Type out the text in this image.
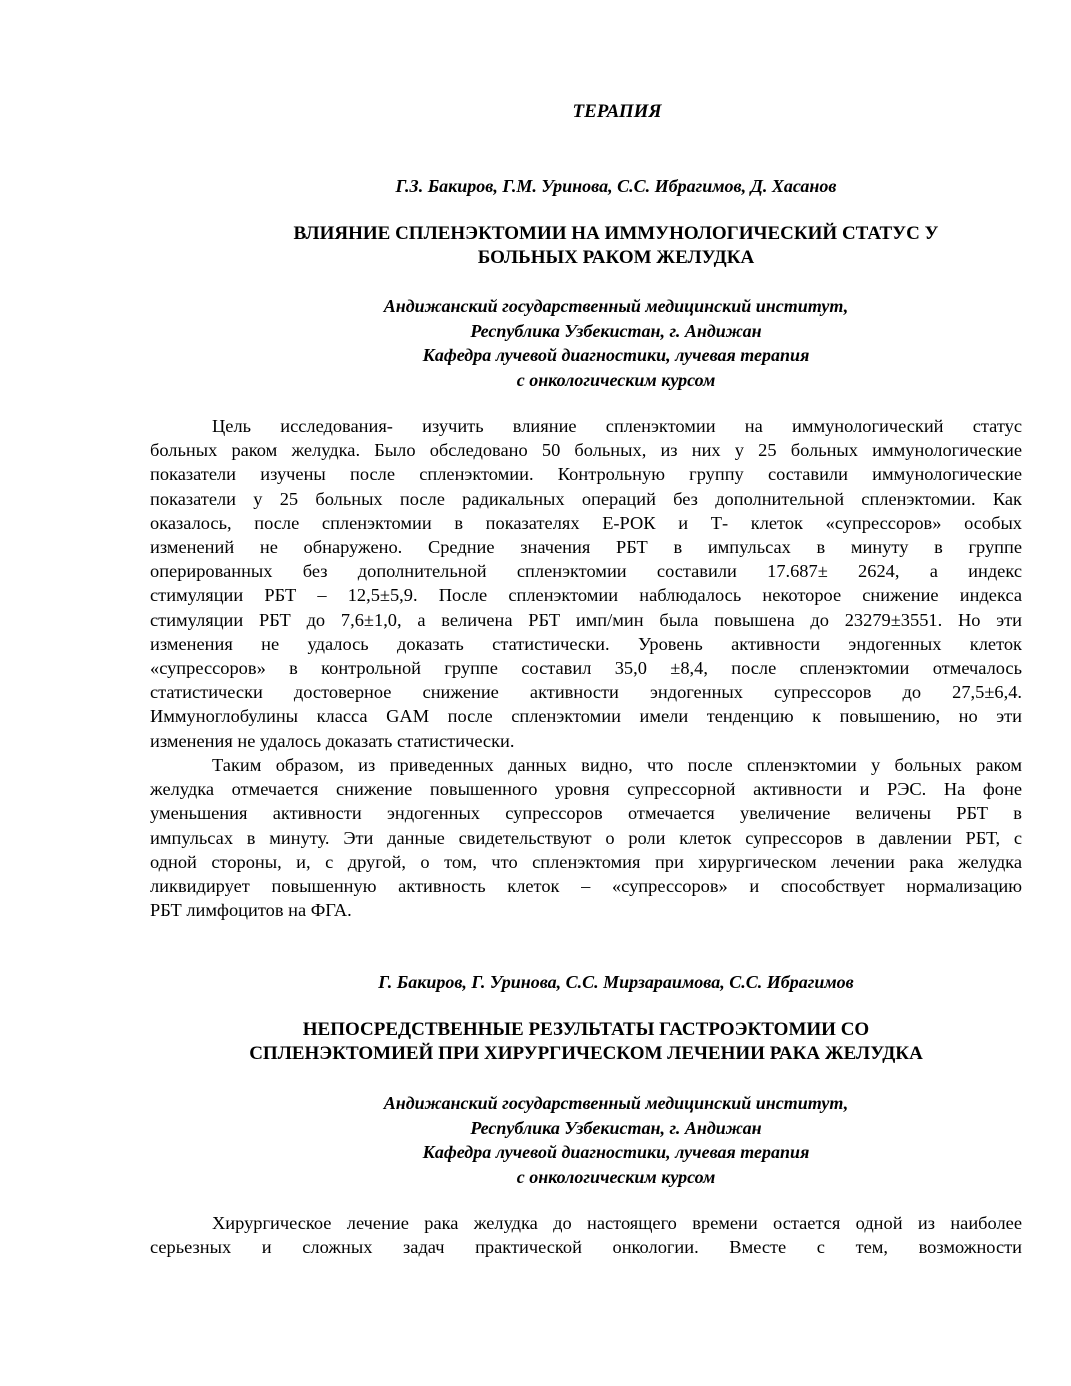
ТЕРАПИЯ
Г.З. Бакиров, Г.М. Уринова, С.С. Ибрагимов, Д. Хасанов
ВЛИЯНИЕ СПЛЕНЭКТОМИИ НА ИММУНОЛОГИЧЕСКИЙ СТАТУС У
БОЛЬНЫХ РАКОМ ЖЕЛУДКА
Андижанский государственный медицинский институт,
Республика Узбекистан, г. Андижан
Кафедра лучевой диагностики, лучевая терапия
с онкологическим курсом
Цель исследования- изучить влияние спленэктомии на иммунологический статус
больных раком желудка. Было обследовано 50 больных, из них у 25 больных иммунологические
показатели изучены после спленэктомии. Контрольную группу составили иммунологические
показатели у 25 больных после радикальных операций без дополнительной спленэктомии. Как
оказалось, после спленэктомии в показателях Е-РОК и Т- клеток «супрессоров» особых
изменений не обнаружено. Средние значения РБТ в импульсах в минуту в группе
оперированных без дополнительной спленэктомии составили 17.687± 2624, а индекс
стимуляции РБТ – 12,5±5,9. После спленэктомии наблюдалось некоторое снижение индекса
стимуляции РБТ до 7,6±1,0, а величена РБТ имп/мин была повышена до 23279±3551. Но эти
изменения не удалось доказать статистически. Уровень активности эндогенных клеток
«супрессоров» в контрольной группе составил 35,0 ±8,4, после спленэктомии отмечалось
статистически достоверное снижение активности эндогенных супрессоров до 27,5±6,4.
Иммуноглобулины класса GAM после спленэктомии имели тенденцию к повышению, но эти
изменения не удалось доказать статистически.
Таким образом, из приведенных данных видно, что после спленэктомии у больных раком
желудка отмечается снижение повышенного уровня супрессорной активности и РЭС. На фоне
уменьшения активности эндогенных супрессоров отмечается увеличение величены РБТ в
импульсах в минуту. Эти данные свидетельствуют о роли клеток супрессоров в давлении РБТ, с
одной стороны, и, с другой, о том, что спленэктомия при хирургическом лечении рака желудка
ликвидирует повышенную активность клеток – «супрессоров» и способствует нормализацию
РБТ лимфоцитов на ФГА.
Г. Бакиров, Г. Уринова, С.С. Мирзараимова, С.С. Ибрагимов
НЕПОСРЕДСТВЕННЫЕ РЕЗУЛЬТАТЫ ГАСТРОЭКТОМИИ СО
СПЛЕНЭКТОМИЕЙ ПРИ ХИРУРГИЧЕСКОМ ЛЕЧЕНИИ РАКА ЖЕЛУДКА
Андижанский государственный медицинский институт,
Республика Узбекистан, г. Андижан
Кафедра лучевой диагностики, лучевая терапия
с онкологическим курсом
Хирургическое лечение рака желудка до настоящего времени остается одной из наиболее
серьезных и сложных задач практической онкологии. Вместе с тем, возможности
